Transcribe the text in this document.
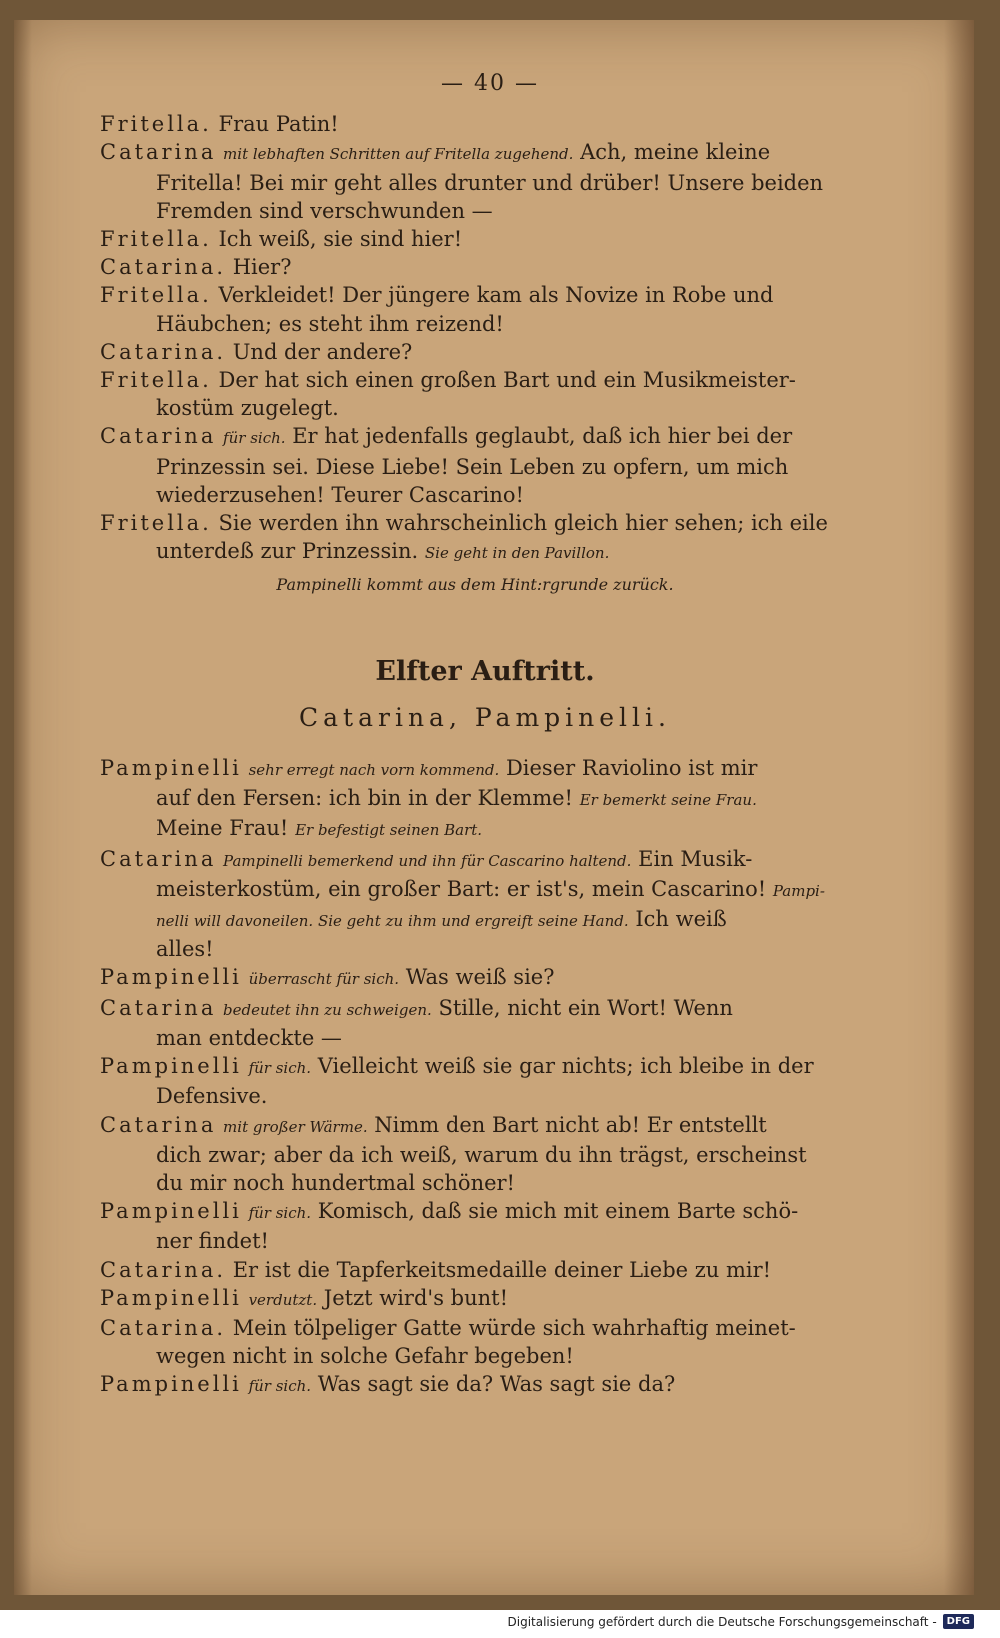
— 40 —
Fritella. Frau Patin!
Catarina mit lebhaften Schritten auf Fritella zugehend. Ach, meine kleine
Fritella! Bei mir geht alles drunter und drüber! Unsere beiden
Fremden sind verschwunden —
Fritella. Ich weiß, sie sind hier!
Catarina. Hier?
Fritella. Verkleidet! Der jüngere kam als Novize in Robe und
Häubchen; es steht ihm reizend!
Catarina. Und der andere?
Fritella. Der hat sich einen großen Bart und ein Musikmeister-
kostüm zugelegt.
Catarina für sich. Er hat jedenfalls geglaubt, daß ich hier bei der
Prinzessin sei. Diese Liebe! Sein Leben zu opfern, um mich
wiederzusehen! Teurer Cascarino!
Fritella. Sie werden ihn wahrscheinlich gleich hier sehen; ich eile
unterdeß zur Prinzessin. Sie geht in den Pavillon.
Pampinelli kommt aus dem Hint:rgrunde zurück.
Elfter Auftritt.
Catarina, Pampinelli.
Pampinelli sehr erregt nach vorn kommend. Dieser Raviolino ist mir
auf den Fersen: ich bin in der Klemme! Er bemerkt seine Frau.
Meine Frau! Er befestigt seinen Bart.
Catarina Pampinelli bemerkend und ihn für Cascarino haltend. Ein Musik-
meisterkostüm, ein großer Bart: er ist's, mein Cascarino! Pampi-
nelli will davoneilen. Sie geht zu ihm und ergreift seine Hand. Ich weiß
alles!
Pampinelli überrascht für sich. Was weiß sie?
Catarina bedeutet ihn zu schweigen. Stille, nicht ein Wort! Wenn
man entdeckte —
Pampinelli für sich. Vielleicht weiß sie gar nichts; ich bleibe in der
Defensive.
Catarina mit großer Wärme. Nimm den Bart nicht ab! Er entstellt
dich zwar; aber da ich weiß, warum du ihn trägst, erscheinst
du mir noch hundertmal schöner!
Pampinelli für sich. Komisch, daß sie mich mit einem Barte schö-
ner findet!
Catarina. Er ist die Tapferkeitsmedaille deiner Liebe zu mir!
Pampinelli verdutzt. Jetzt wird's bunt!
Catarina. Mein tölpeliger Gatte würde sich wahrhaftig meinet-
wegen nicht in solche Gefahr begeben!
Pampinelli für sich. Was sagt sie da? Was sagt sie da?
Digitalisierung gefördert durch die Deutsche Forschungsgemeinschaft -	DFG
